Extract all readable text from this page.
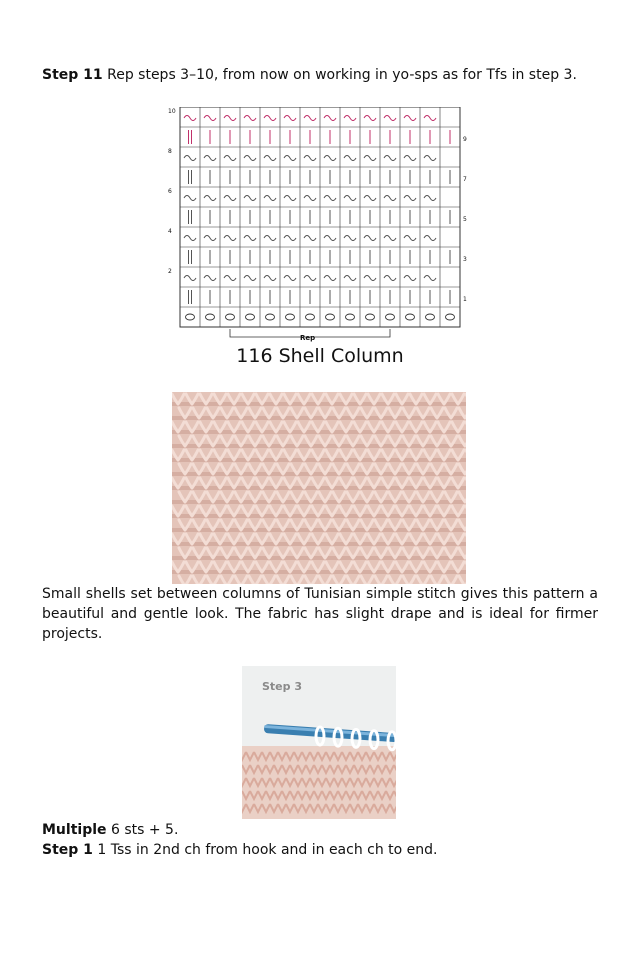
Step 11 Rep steps 3–10, from now on working in yo-sps as for Tfs in step 3.
10
9
8
7
6
5
4
3
2
1
Rep
116 Shell Column
Small shells set between columns of Tunisian simple stitch gives this pattern a beautiful and gentle look. The fabric has slight drape and is ideal for firmer projects.
Step 3
Multiple 6 sts + 5.
Step 1 1 Tss in 2nd ch from hook and in each ch to end.
